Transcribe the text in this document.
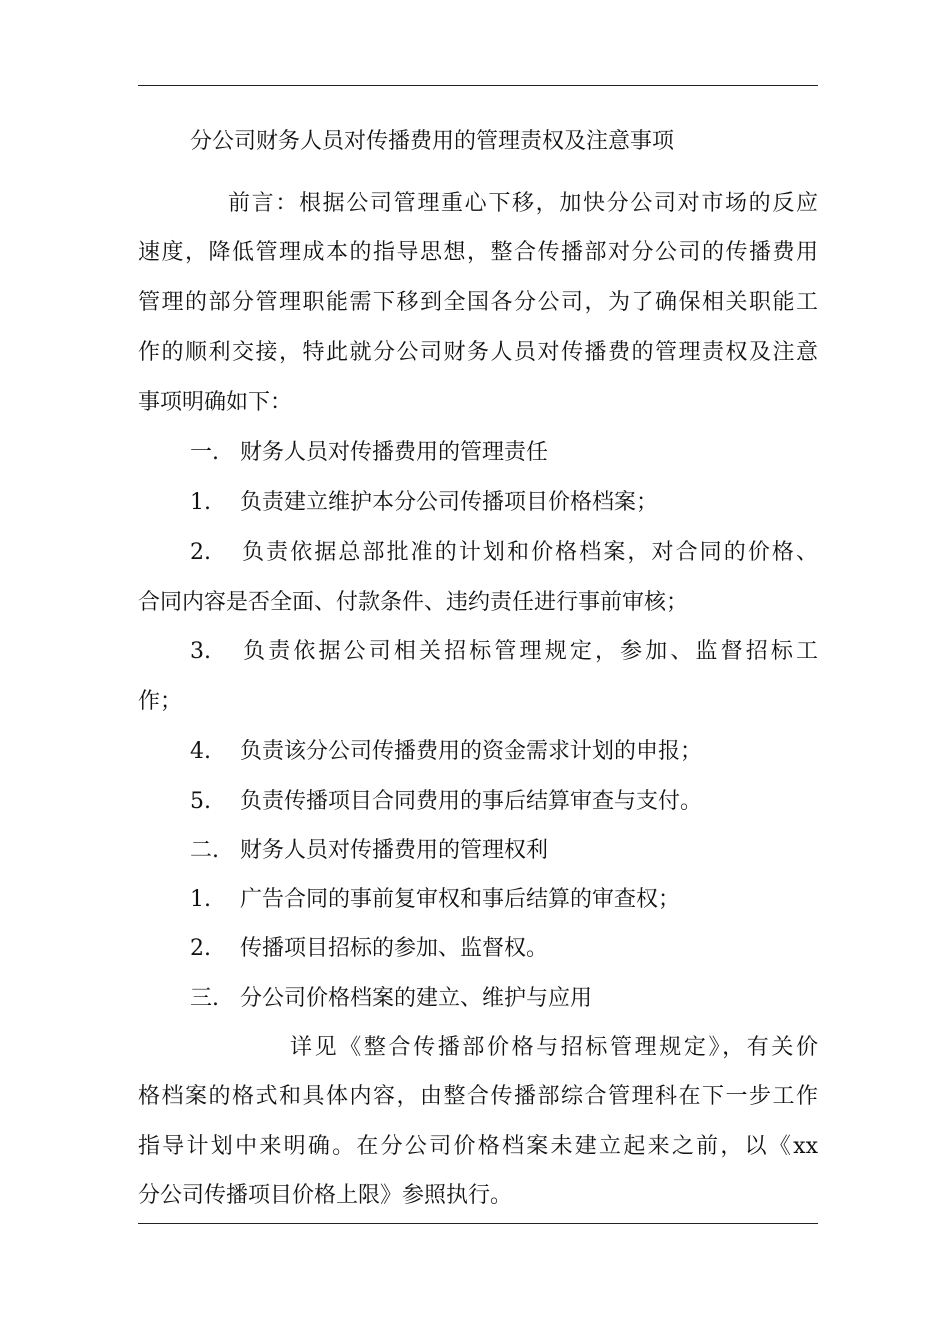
分公司财务人员对传播费用的管理责权及注意事项
前言：根据公司管理重心下移，加快分公司对市场的反应
速度，降低管理成本的指导思想，整合传播部对分公司的传播费用
管理的部分管理职能需下移到全国各分公司，为了确保相关职能工
作的顺利交接，特此就分公司财务人员对传播费的管理责权及注意
事项明确如下：
一. 财务人员对传播费用的管理责任
1. 负责建立维护本分公司传播项目价格档案；
2. 负责依据总部批准的计划和价格档案，对合同的价格、
合同内容是否全面、付款条件、违约责任进行事前审核；
3. 负责依据公司相关招标管理规定，参加、监督招标工
作；
4. 负责该分公司传播费用的资金需求计划的申报；
5. 负责传播项目合同费用的事后结算审查与支付。
二. 财务人员对传播费用的管理权利
1. 广告合同的事前复审权和事后结算的审查权；
2. 传播项目招标的参加、监督权。
三. 分公司价格档案的建立、维护与应用
详见《整合传播部价格与招标管理规定》，有关价
格档案的格式和具体内容，由整合传播部综合管理科在下一步工作
指导计划中来明确。在分公司价格档案未建立起来之前，以《xx
分公司传播项目价格上限》参照执行。
